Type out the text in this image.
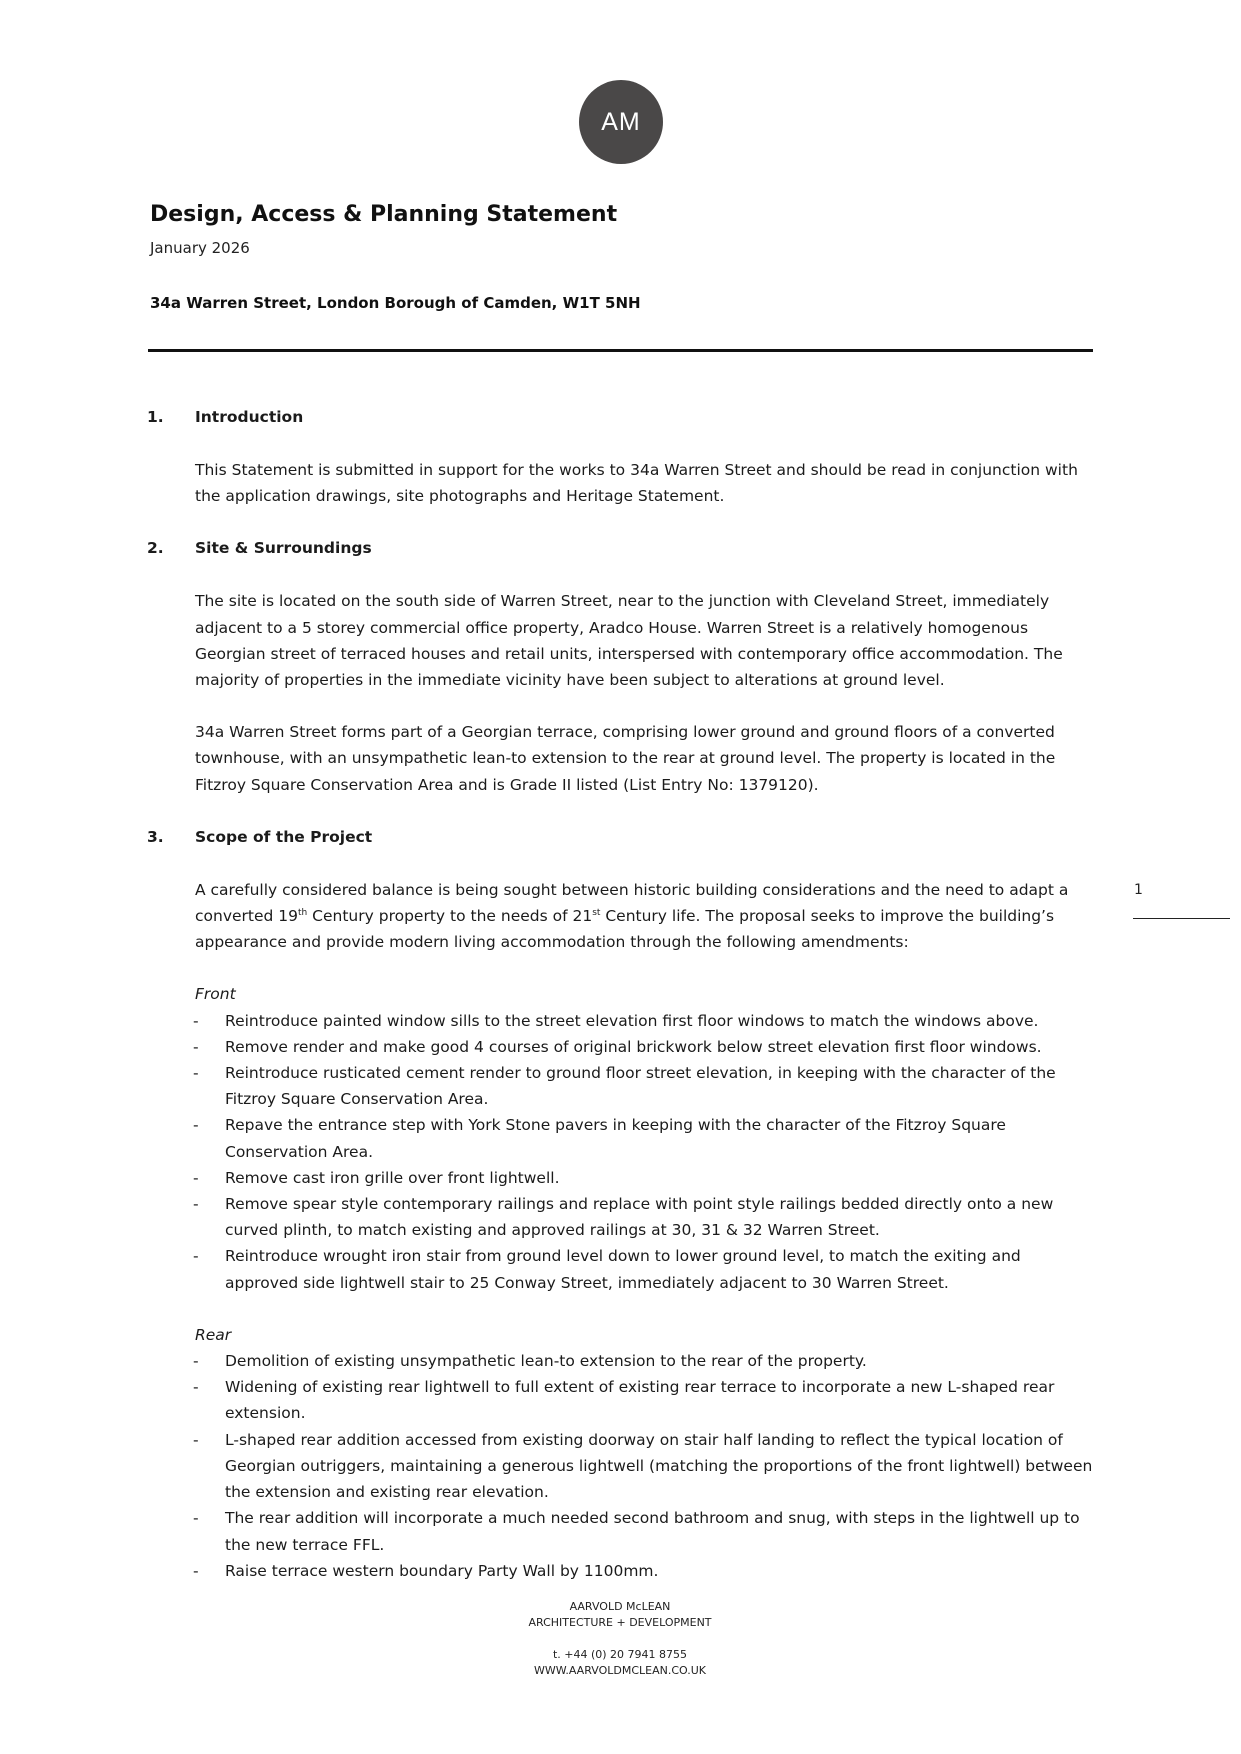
AM
Design, Access & Planning Statement
January 2026
34a Warren Street, London Borough of Camden, W1T 5NH
1
1.	Introduction

This Statement is submitted in support for the works to 34a Warren Street and should be read in conjunction with the application drawings, site photographs and Heritage Statement.

2.	Site & Surroundings

The site is located on the south side of Warren Street, near to the junction with Cleveland Street, immediately adjacent to a 5 storey commercial office property, Aradco House. Warren Street is a relatively homogenous Georgian street of terraced houses and retail units, interspersed with contemporary office accommodation. The majority of properties in the immediate vicinity have been subject to alterations at ground level.

34a Warren Street forms part of a Georgian terrace, comprising lower ground and ground floors of a converted townhouse, with an unsympathetic lean-to extension to the rear at ground level. The property is located in the Fitzroy Square Conservation Area and is Grade II listed (List Entry No: 1379120).

3.	Scope of the Project

A carefully considered balance is being sought between historic building considerations and the need to adapt a converted 19th Century property to the needs of 21st Century life. The proposal seeks to improve the building’s appearance and provide modern living accommodation through the following amendments:

Front
- Reintroduce painted window sills to the street elevation first floor windows to match the windows above.
- Remove render and make good 4 courses of original brickwork below street elevation first floor windows.
- Reintroduce rusticated cement render to ground floor street elevation, in keeping with the character of the Fitzroy Square Conservation Area.
- Repave the entrance step with York Stone pavers in keeping with the character of the Fitzroy Square Conservation Area.
- Remove cast iron grille over front lightwell.
- Remove spear style contemporary railings and replace with point style railings bedded directly onto a new curved plinth, to match existing and approved railings at 30, 31 & 32 Warren Street.
- Reintroduce wrought iron stair from ground level down to lower ground level, to match the exiting and approved side lightwell stair to 25 Conway Street, immediately adjacent to 30 Warren Street.
Rear
- Demolition of existing unsympathetic lean-to extension to the rear of the property.
- Widening of existing rear lightwell to full extent of existing rear terrace to incorporate a new L-shaped rear extension.
- L-shaped rear addition accessed from existing doorway on stair half landing to reflect the typical location of Georgian outriggers, maintaining a generous lightwell (matching the proportions of the front lightwell) between the extension and existing rear elevation.
- The rear addition will incorporate a much needed second bathroom and snug, with steps in the lightwell up to the new terrace FFL.
- Raise terrace western boundary Party Wall by 1100mm.
AARVOLD McLEAN
ARCHITECTURE + DEVELOPMENT
t. +44 (0) 20 7941 8755
WWW.AARVOLDMCLEAN.CO.UK
